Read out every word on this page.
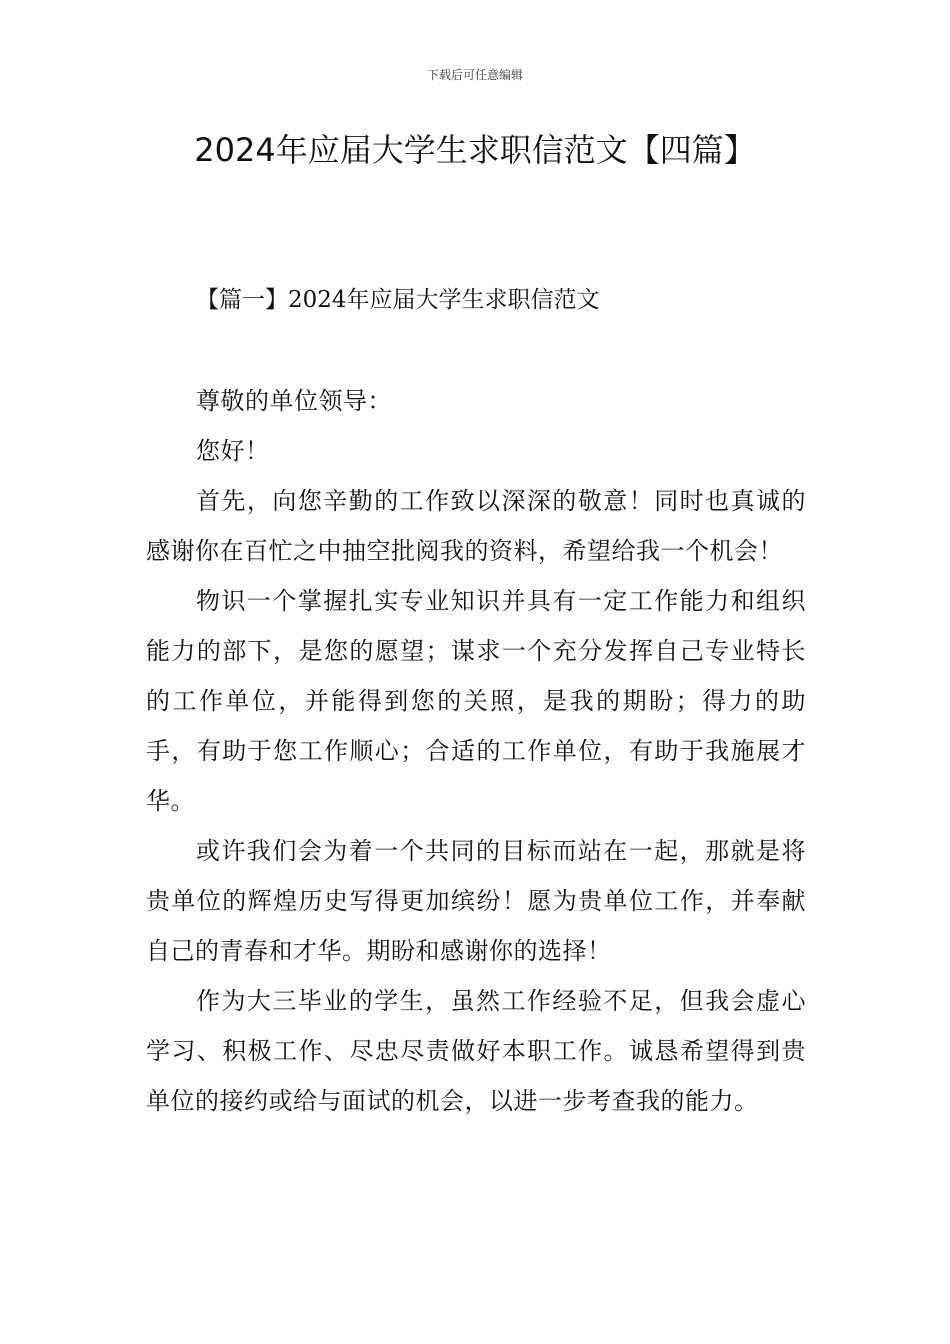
下载后可任意编辑
2024年应届大学生求职信范文【四篇】
【篇一】2024年应届大学生求职信范文

尊敬的单位领导：

您好！

首先，向您辛勤的工作致以深深的敬意！同时也真诚的感谢你在百忙之中抽空批阅我的资料，希望给我一个机会！

物识一个掌握扎实专业知识并具有一定工作能力和组织能力的部下，是您的愿望；谋求一个充分发挥自己专业特长的工作单位，并能得到您的关照，是我的期盼；得力的助手，有助于您工作顺心；合适的工作单位，有助于我施展才华。

或许我们会为着一个共同的目标而站在一起，那就是将贵单位的辉煌历史写得更加缤纷！愿为贵单位工作，并奉献自己的青春和才华。期盼和感谢你的选择！

作为大三毕业的学生，虽然工作经验不足，但我会虚心学习、积极工作、尽忠尽责做好本职工作。诚恳希望得到贵单位的接约或给与面试的机会，以进一步考查我的能力。
